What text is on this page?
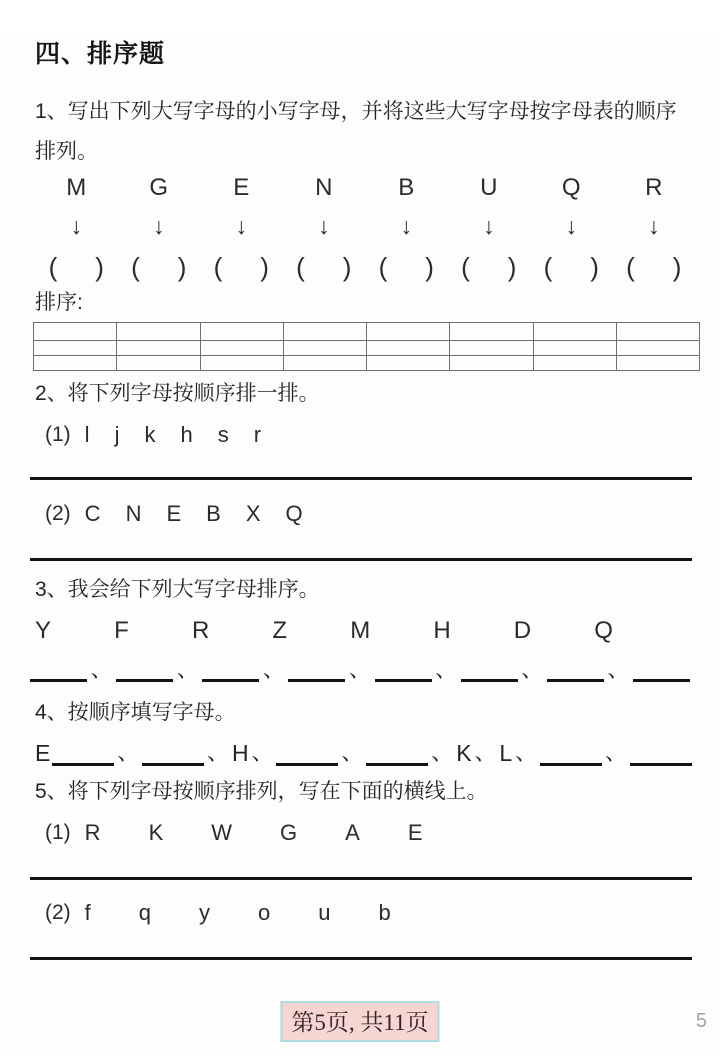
四、排序题

1、写出下列大写字母的小写字母，并将这些大写字母按字母表的顺序排列。

M	G	E	N	B	U	Q	R
↓	↓	↓	↓	↓	↓	↓	↓
( ) ( ) ( ) ( ) ( ) ( ) ( ) ( )

排序:

2、将下列字母按顺序排一排。

(1) l j k h s r
(2) C N E B X Q

3、我会给下列大写字母排序。

Y	F	R	Z	M	H	D	Q
、	、	、	、	、	、	、

4、按顺序填写字母。

E	、	、 H 、	、	、 K 、 L 、	、

5、将下列字母按顺序排列，写在下面的横线上。

(1) R K W G A E
(2) f q y o u b
第5页, 共11页	5
